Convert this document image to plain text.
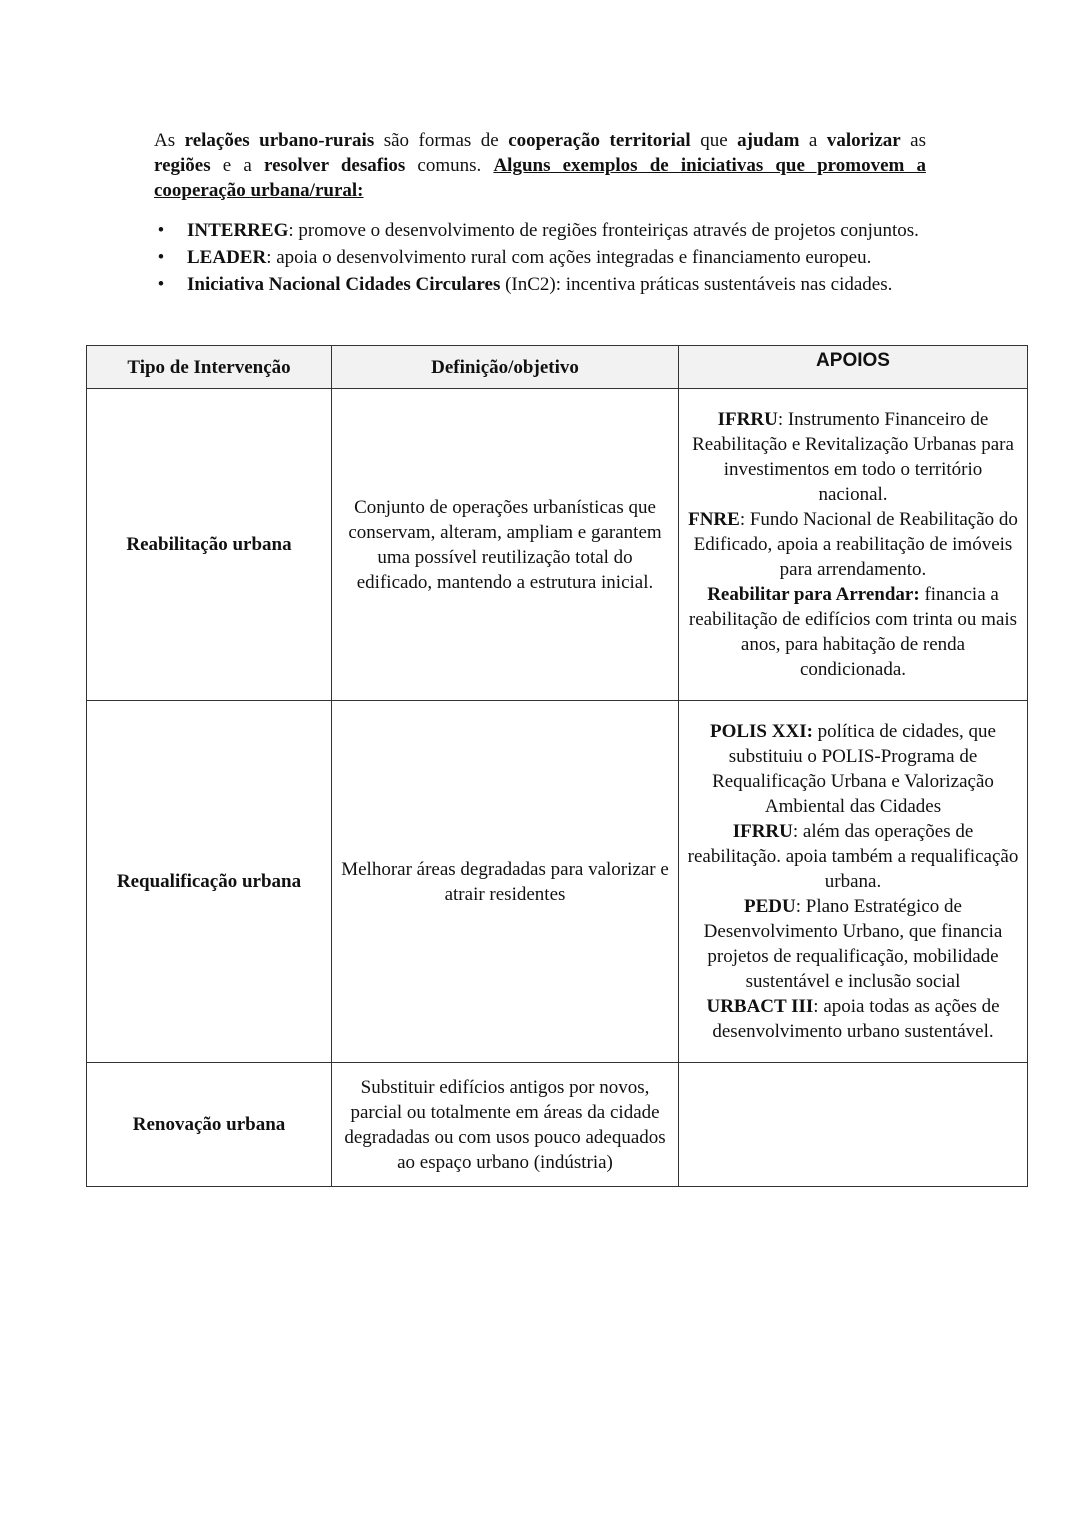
As relações urbano-rurais são formas de cooperação territorial que ajudam a valorizar as regiões e a resolver desafios comuns. Alguns exemplos de iniciativas que promovem a cooperação urbana/rural:

• INTERREG: promove o desenvolvimento de regiões fronteiriças através de projetos conjuntos.
• LEADER: apoia o desenvolvimento rural com ações integradas e financiamento europeu.
• Iniciativa Nacional Cidades Circulares (InC2): incentiva práticas sustentáveis nas cidades.
Tipo de Intervenção	Definição/objetivo	APOIOS
Reabilitação urbana	Conjunto de operações urbanísticas que conservam, alteram, ampliam e garantem uma possível reutilização total do edificado, mantendo a estrutura inicial.	IFRRU: Instrumento Financeiro de Reabilitação e Revitalização Urbanas para investimentos em todo o território nacional.
FNRE: Fundo Nacional de Reabilitação do Edificado, apoia a reabilitação de imóveis para arrendamento.
Reabilitar para Arrendar: financia a reabilitação de edifícios com trinta ou mais anos, para habitação de renda condicionada.

Requalificação urbana	Melhorar áreas degradadas para valorizar e atrair residentes	POLIS XXI: política de cidades, que substituiu o POLIS-Programa de Requalificação Urbana e Valorização Ambiental das Cidades
IFRRU: além das operações de reabilitação. apoia também a requalificação urbana.
PEDU: Plano Estratégico de Desenvolvimento Urbano, que financia projetos de requalificação, mobilidade sustentável e inclusão social
URBACT III: apoia todas as ações de desenvolvimento urbano sustentável.

Renovação urbana	Substituir edifícios antigos por novos, parcial ou totalmente em áreas da cidade degradadas ou com usos pouco adequados ao espaço urbano (indústria)	
